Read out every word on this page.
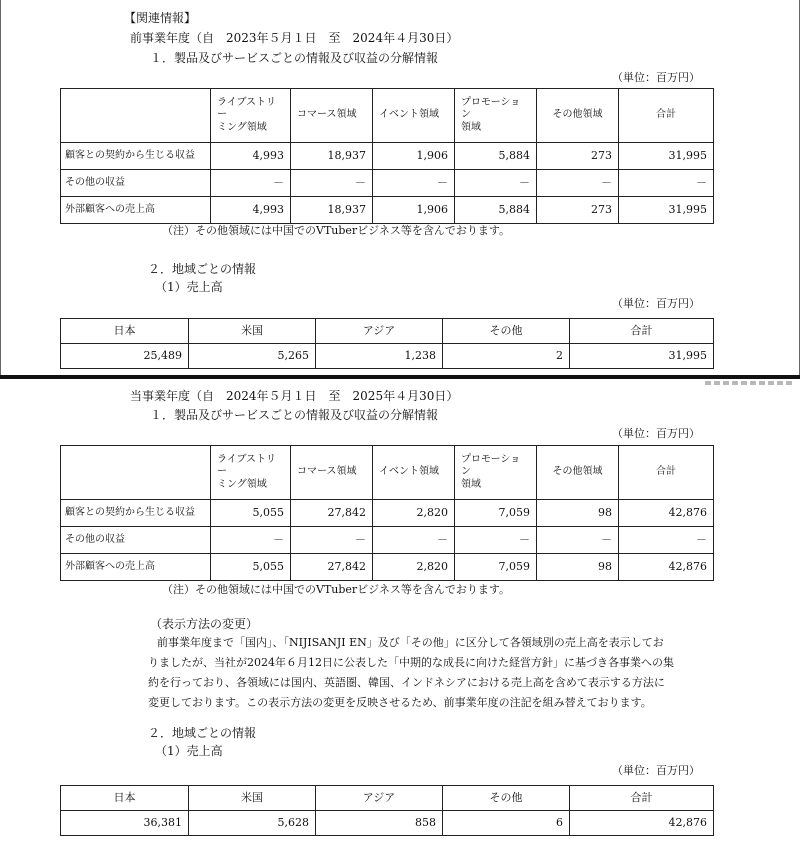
【関連情報】
前事業年度（自　2023年５月１日　至　2024年４月30日）
１．製品及びサービスごとの情報及び収益の分解情報
（単位：百万円）
	ライブストリー
ミング領域	コマース領域	イベント領域	プロモーション
領域	その他領域	合計
顧客との契約から生じる収益	4,993	18,937	1,906	5,884	273	31,995
その他の収益	－	－	－	－	－	－
外部顧客への売上高	4,993	18,937	1,906	5,884	273	31,995
（注）その他領域には中国でのVTuberビジネス等を含んでおります。
２．地域ごとの情報
（1）売上高
（単位：百万円）
日本	米国	アジア	その他	合計
25,489	5,265	1,238	2	31,995
当事業年度（自　2024年５月１日　至　2025年４月30日）
１．製品及びサービスごとの情報及び収益の分解情報
（単位：百万円）
	ライブストリー
ミング領域	コマース領域	イベント領域	プロモーション
領域	その他領域	合計
顧客との契約から生じる収益	5,055	27,842	2,820	7,059	98	42,876
その他の収益	－	－	－	－	－	－
外部顧客への売上高	5,055	27,842	2,820	7,059	98	42,876
（注）その他領域には中国でのVTuberビジネス等を含んでおります。
（表示方法の変更）
前事業年度まで「国内」、「NIJISANJI EN」及び「その他」に区分して各領域別の売上高を表示してお
りましたが、当社が2024年６月12日に公表した「中期的な成長に向けた経営方針」に基づき各事業への集
約を行っており、各領域には国内、英語圏、韓国、インドネシアにおける売上高を含めて表示する方法に
変更しております。この表示方法の変更を反映させるため、前事業年度の注記を組み替えております。
２．地域ごとの情報
（1）売上高
（単位：百万円）
日本	米国	アジア	その他	合計
36,381	5,628	858	6	42,876
